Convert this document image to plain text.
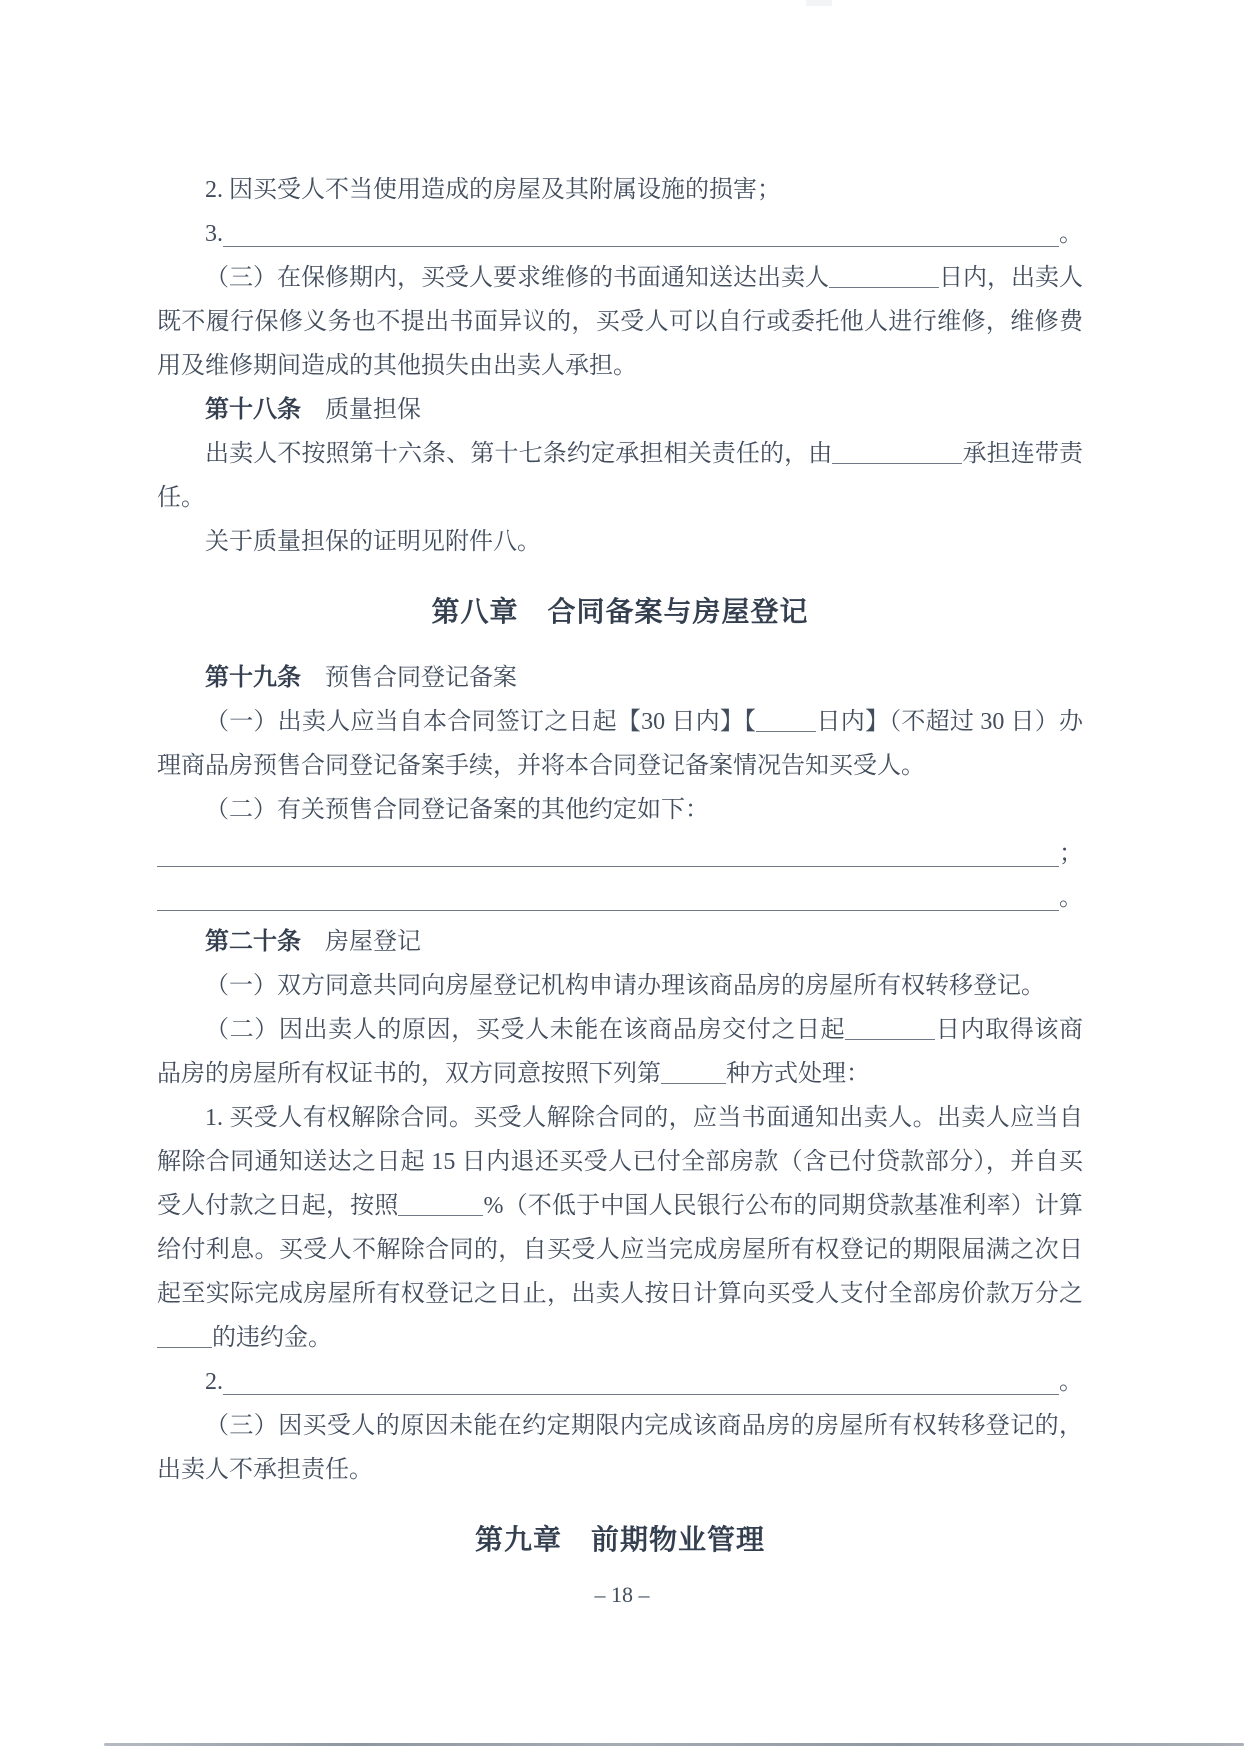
2. 因买受人不当使用造成的房屋及其附属设施的损害；

3.	。

（三）在保修期内，买受人要求维修的书面通知送达出卖人	日内，出卖人既不履行保修义务也不提出书面异议的，买受人可以自行或委托他人进行维修，维修费用及维修期间造成的其他损失由出卖人承担。

第十八条 质量担保

出卖人不按照第十六条、第十七条约定承担相关责任的，由	承担连带责任。

关于质量担保的证明见附件八。

第八章　合同备案与房屋登记

第十九条 预售合同登记备案

（一）出卖人应当自本合同签订之日起【30 日内】【	日内】（不超过 30 日）办理商品房预售合同登记备案手续，并将本合同登记备案情况告知买受人。

（二）有关预售合同登记备案的其他约定如下：

；

。

第二十条 房屋登记

（一）双方同意共同向房屋登记机构申请办理该商品房的房屋所有权转移登记。

（二）因出卖人的原因，买受人未能在该商品房交付之日起	日内取得该商品房的房屋所有权证书的，双方同意按照下列第	种方式处理：

1. 买受人有权解除合同。买受人解除合同的，应当书面通知出卖人。出卖人应当自解除合同通知送达之日起 15 日内退还买受人已付全部房款（含已付贷款部分），并自买受人付款之日起，按照	%（不低于中国人民银行公布的同期贷款基准利率）计算给付利息。买受人不解除合同的，自买受人应当完成房屋所有权登记的期限届满之次日起至实际完成房屋所有权登记之日止，出卖人按日计算向买受人支付全部房价款万分之的违约金。

2.	。

（三）因买受人的原因未能在约定期限内完成该商品房的房屋所有权转移登记的，出卖人不承担责任。

第九章　前期物业管理
– 18 –
